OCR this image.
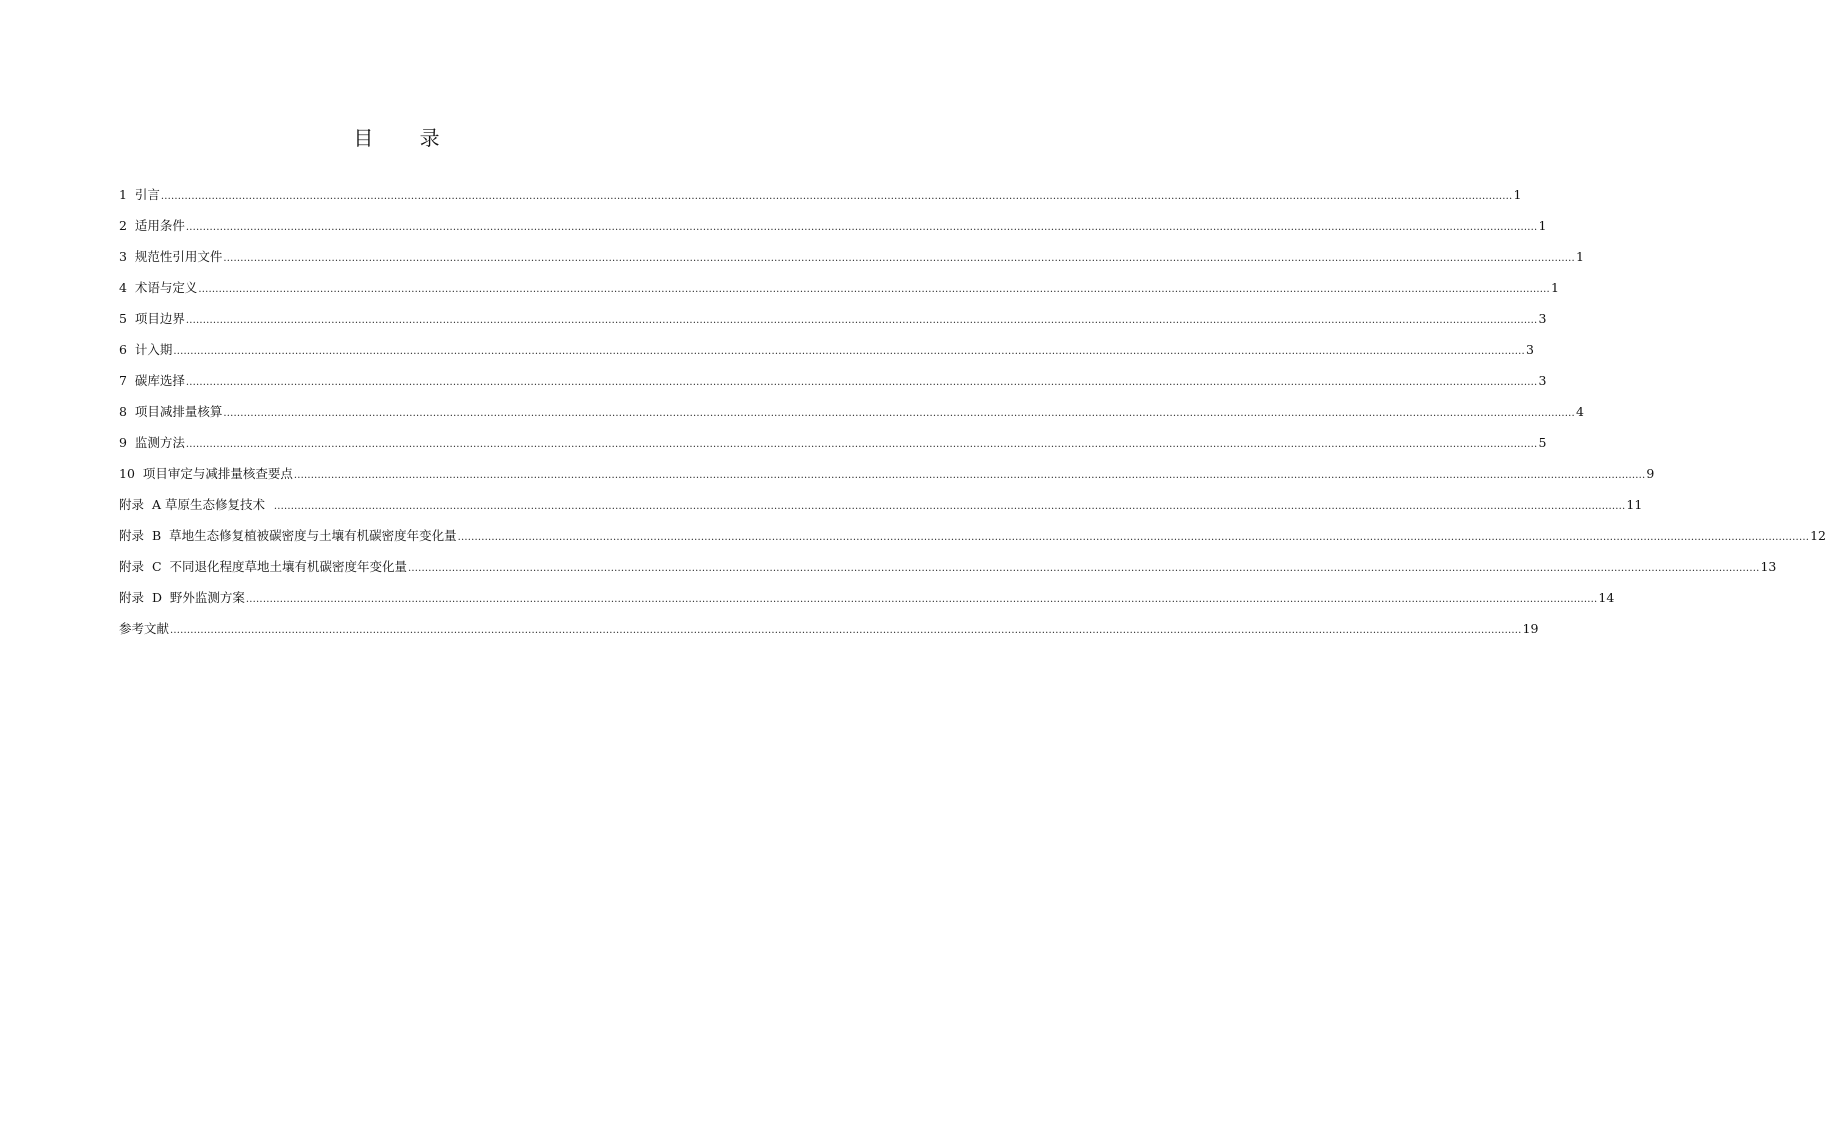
目 录
1  引言 ................................................................................................................................................................................................................................................................................................................................................................................................................ 1
2  适用条件 ................................................................................................................................................................................................................................................................................................................................................................................................................ 1
3  规范性引用文件 ................................................................................................................................................................................................................................................................................................................................................................................................................ 1
4  术语与定义 ................................................................................................................................................................................................................................................................................................................................................................................................................ 1
5  项目边界 ................................................................................................................................................................................................................................................................................................................................................................................................................ 3
6  计入期 ................................................................................................................................................................................................................................................................................................................................................................................................................ 3
7  碳库选择 ................................................................................................................................................................................................................................................................................................................................................................................................................ 3
8  项目减排量核算 ................................................................................................................................................................................................................................................................................................................................................................................................................ 4
9  监测方法 ................................................................................................................................................................................................................................................................................................................................................................................................................ 5
10  项目审定与减排量核查要点 ................................................................................................................................................................................................................................................................................................................................................................................................................ 9
附录  A 草原生态修复技术 ................................................................................................................................................................................................................................................................................................................................................................................................................ 11
附录  B  草地生态修复植被碳密度与土壤有机碳密度年变化量 ................................................................................................................................................................................................................................................................................................................................................................................................................ 12
附录  C  不同退化程度草地土壤有机碳密度年变化量 ................................................................................................................................................................................................................................................................................................................................................................................................................ 13
附录  D  野外监测方案 ................................................................................................................................................................................................................................................................................................................................................................................................................ 14
参考文献 ................................................................................................................................................................................................................................................................................................................................................................................................................ 19
